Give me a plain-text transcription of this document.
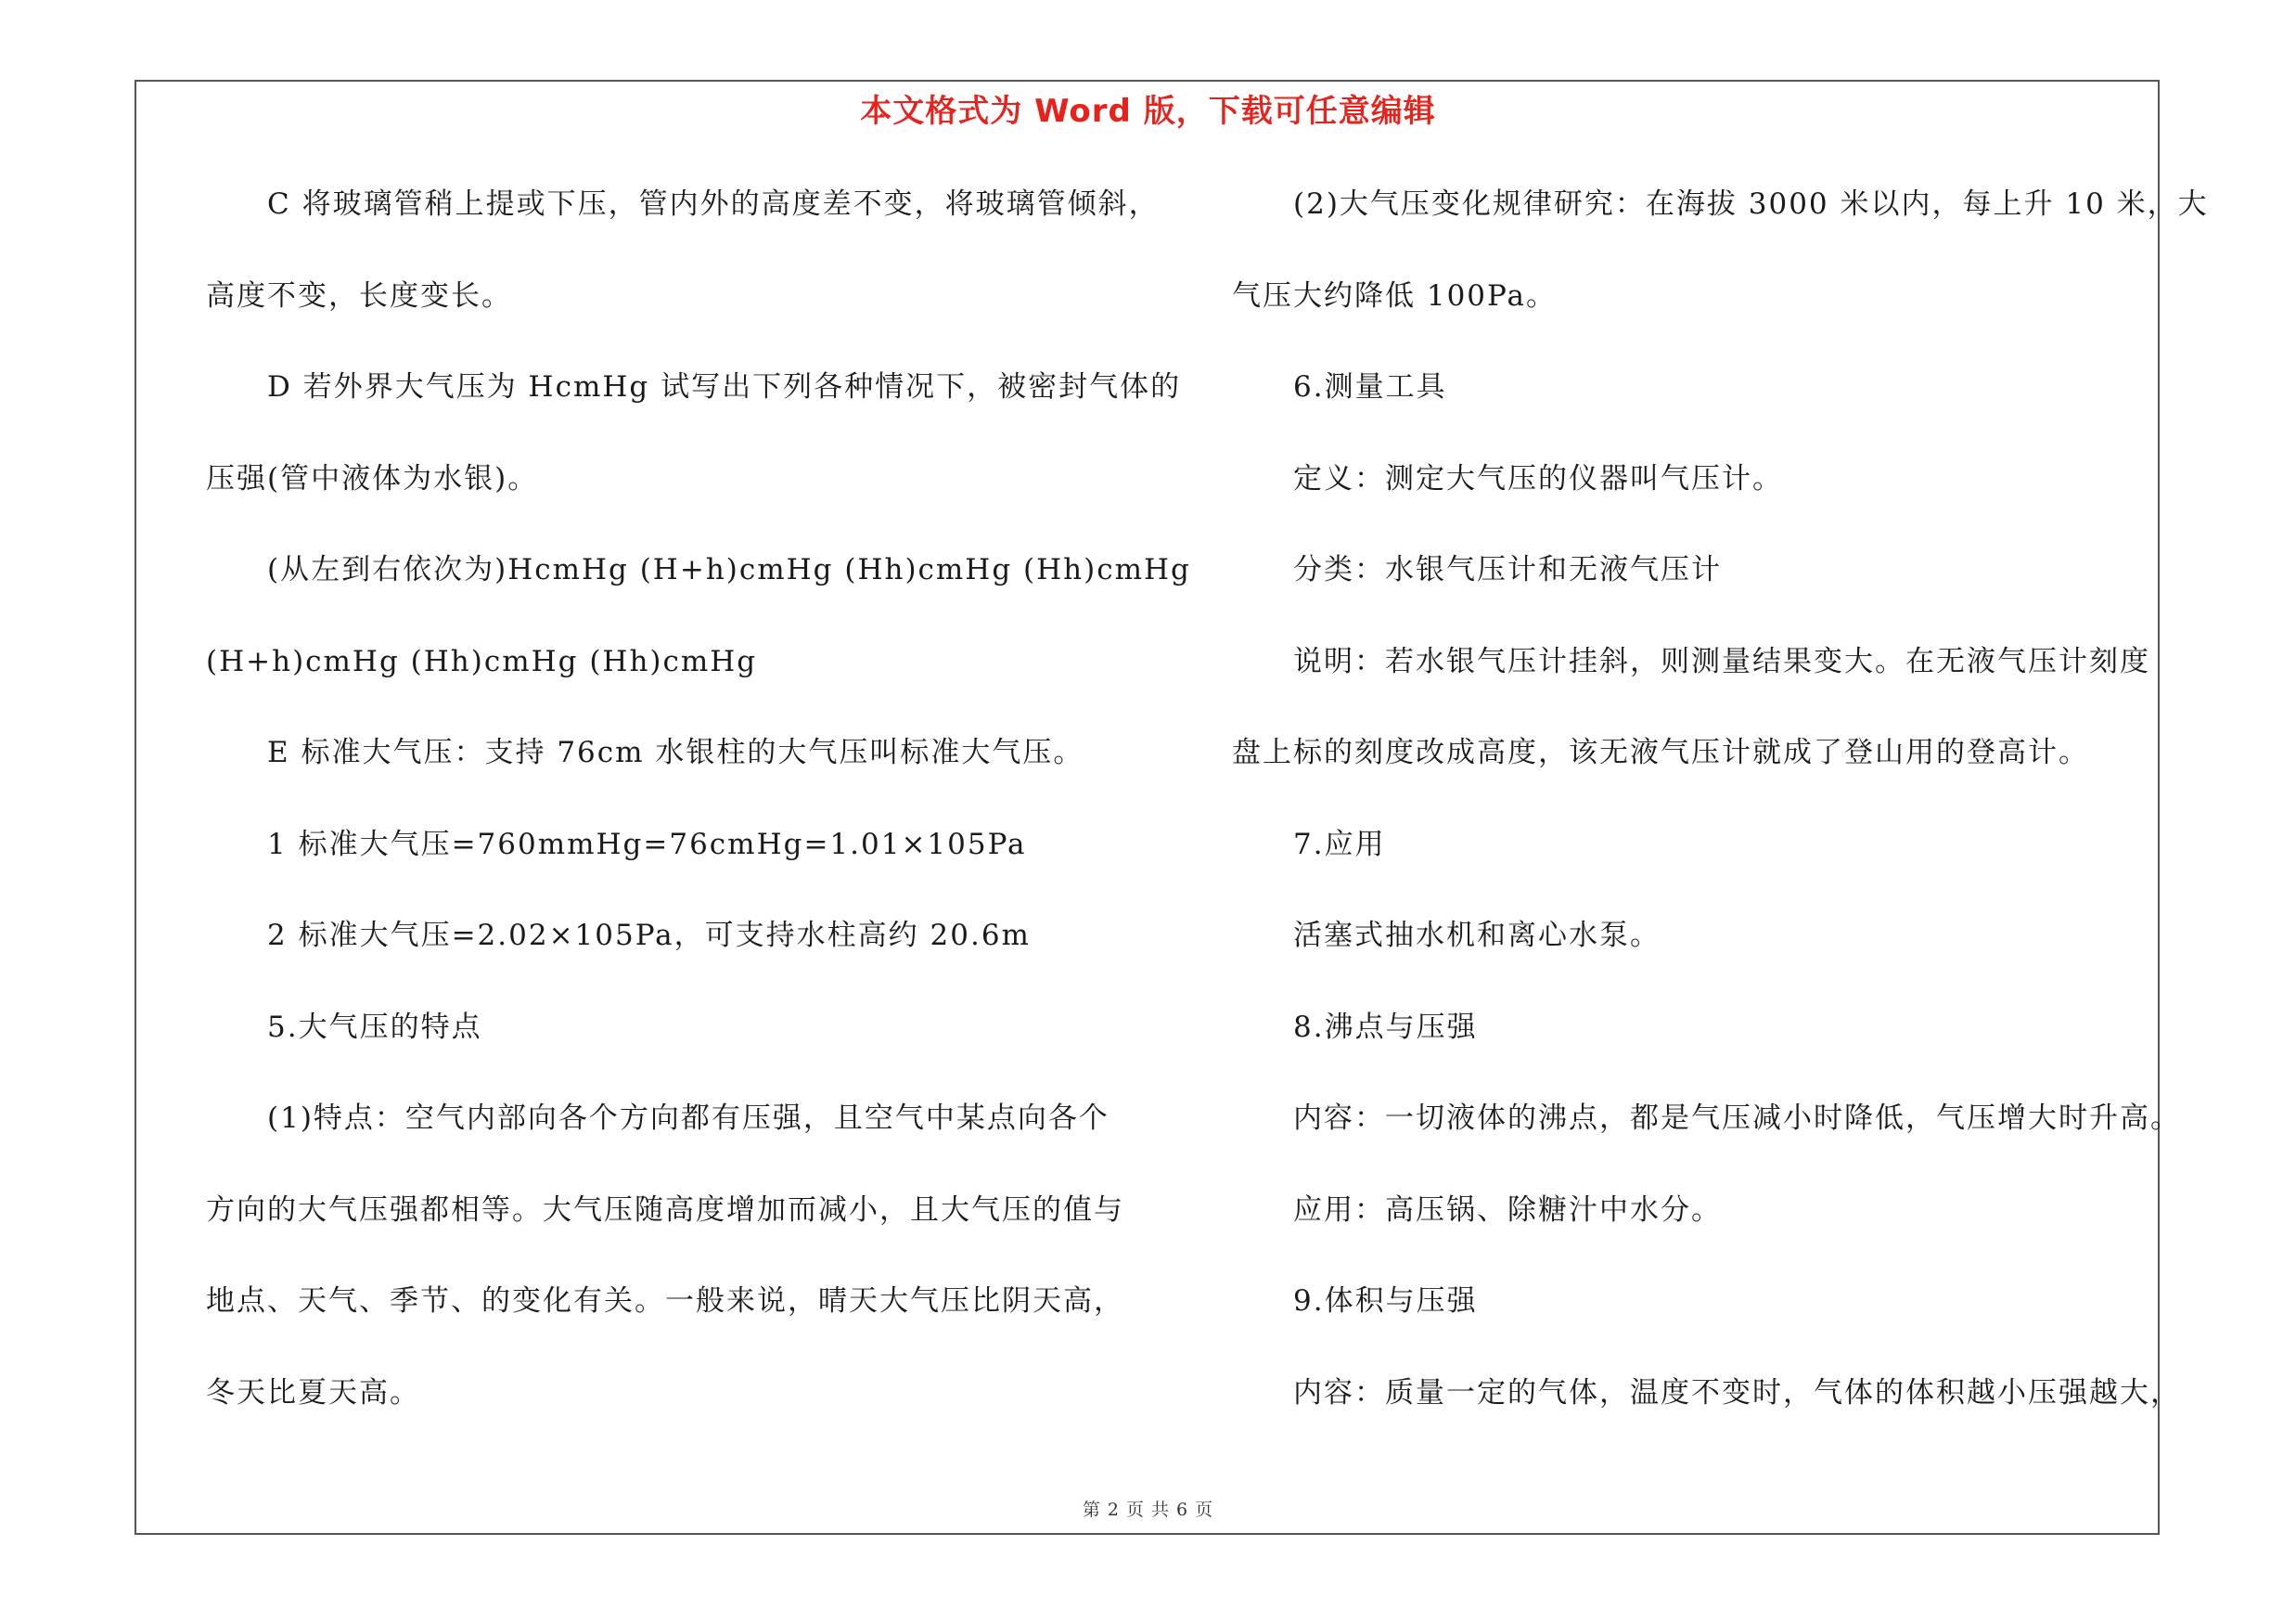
本文格式为 Word 版，下载可任意编辑
C 将玻璃管稍上提或下压，管内外的高度差不变，将玻璃管倾斜，
高度不变，长度变长。
D 若外界大气压为 HcmHg 试写出下列各种情况下，被密封气体的
压强(管中液体为水银)。
(从左到右依次为)HcmHg (H+h)cmHg (Hh)cmHg (Hh)cmHg
(H+h)cmHg (Hh)cmHg (Hh)cmHg
E 标准大气压：支持 76cm 水银柱的大气压叫标准大气压。
1 标准大气压=760mmHg=76cmHg=1.01×105Pa
2 标准大气压=2.02×105Pa，可支持水柱高约 20.6m
5.大气压的特点
(1)特点：空气内部向各个方向都有压强，且空气中某点向各个
方向的大气压强都相等。大气压随高度增加而减小，且大气压的值与
地点、天气、季节、的变化有关。一般来说，晴天大气压比阴天高，
冬天比夏天高。
(2)大气压变化规律研究：在海拔 3000 米以内，每上升 10 米，大
气压大约降低 100Pa。
6.测量工具
定义：测定大气压的仪器叫气压计。
分类：水银气压计和无液气压计
说明：若水银气压计挂斜，则测量结果变大。在无液气压计刻度
盘上标的刻度改成高度，该无液气压计就成了登山用的登高计。
7.应用
活塞式抽水机和离心水泵。
8.沸点与压强
内容：一切液体的沸点，都是气压减小时降低，气压增大时升高。
应用：高压锅、除糖汁中水分。
9.体积与压强
内容：质量一定的气体，温度不变时，气体的体积越小压强越大，
第 2 页 共 6 页
